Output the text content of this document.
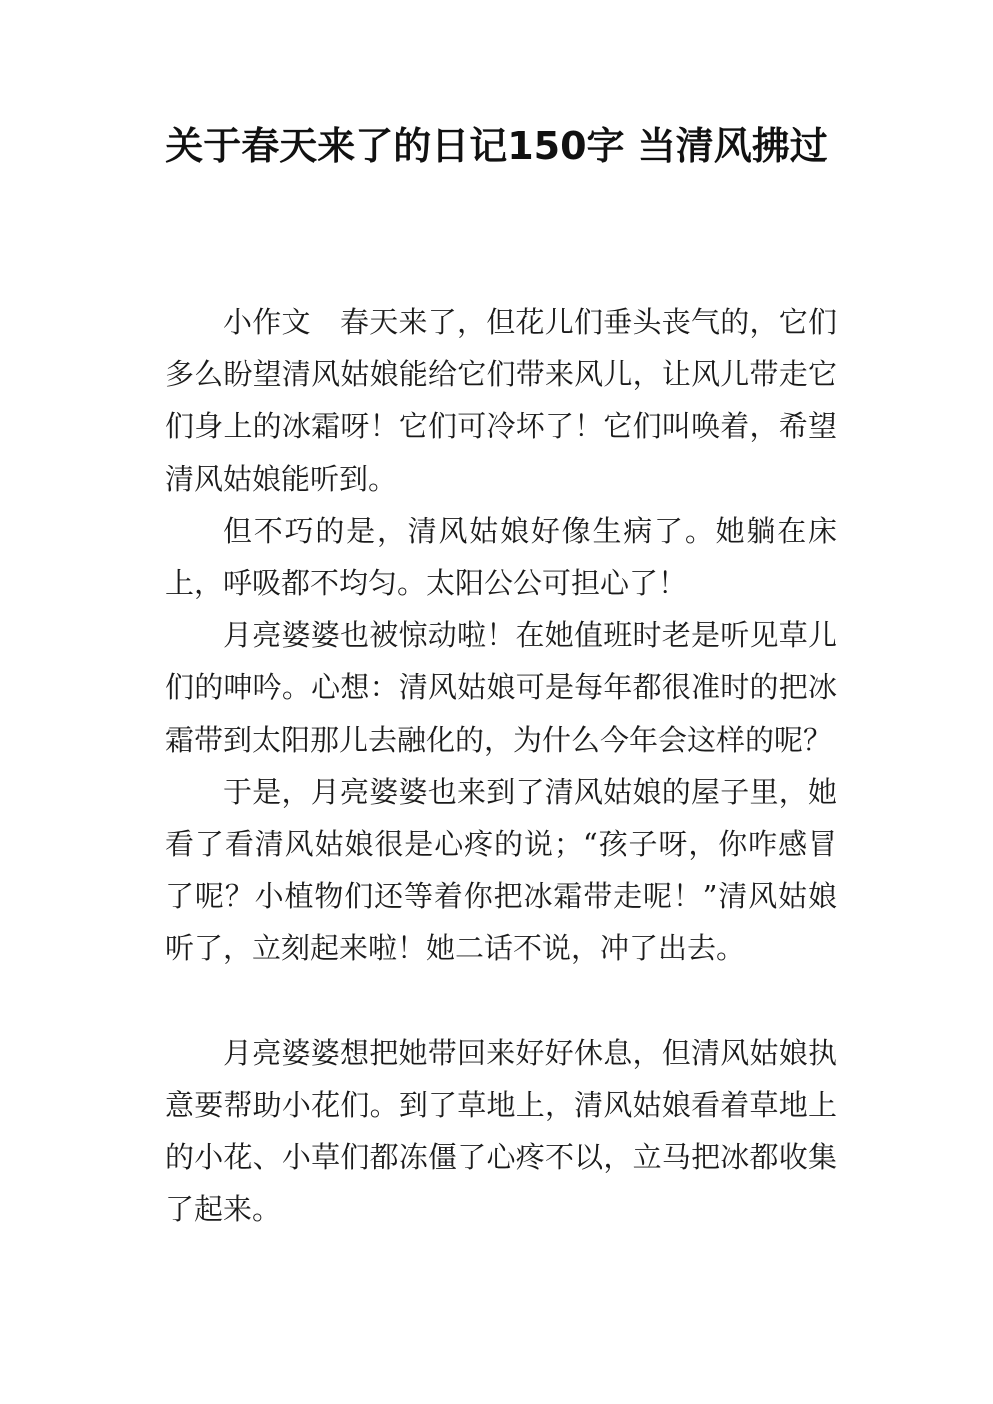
关于春天来了的日记150字 当清风拂过

小作文　春天来了，但花儿们垂头丧气的，它们多么盼望清风姑娘能给它们带来风儿，让风儿带走它们身上的冰霜呀！它们可冷坏了！它们叫唤着，希望清风姑娘能听到。

但不巧的是，清风姑娘好像生病了。她躺在床上，呼吸都不均匀。太阳公公可担心了！

月亮婆婆也被惊动啦！在她值班时老是听见草儿们的呻吟。心想：清风姑娘可是每年都很准时的把冰霜带到太阳那儿去融化的，为什么今年会这样的呢？

于是，月亮婆婆也来到了清风姑娘的屋子里，她看了看清风姑娘很是心疼的说；“孩子呀，你咋感冒了呢？小植物们还等着你把冰霜带走呢！”清风姑娘听了，立刻起来啦！她二话不说，冲了出去。

月亮婆婆想把她带回来好好休息，但清风姑娘执意要帮助小花们。到了草地上，清风姑娘看着草地上的小花、小草们都冻僵了心疼不以，立马把冰都收集了起来。
